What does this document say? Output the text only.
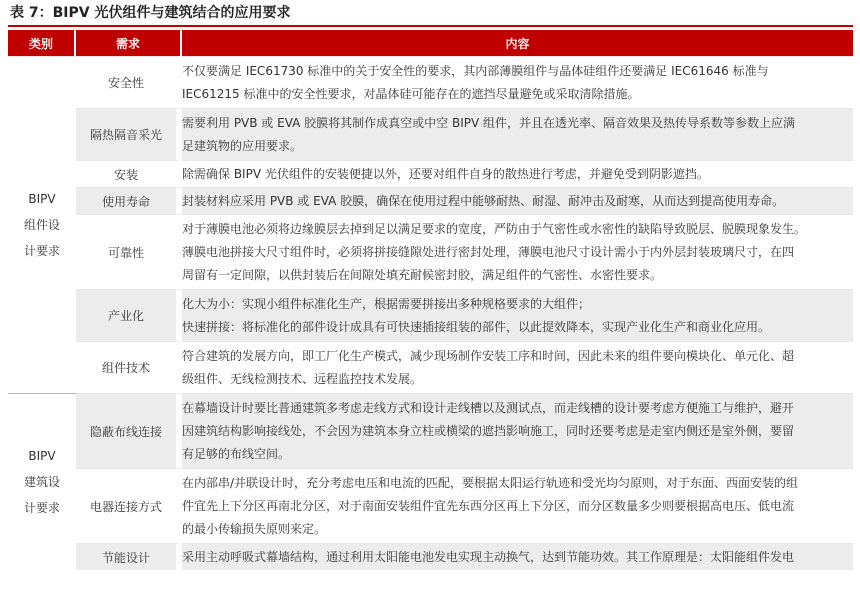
表 7：BIPV 光伏组件与建筑结合的应用要求
类别	需求	内容

BIPV
组件设
计要求	安全性	不仅要满足 IEC61730 标准中的关于安全性的要求，其内部薄膜组件与晶体硅组件还要满足 IEC61646 标准与
IEC61215 标准中的安全性要求，对晶体硅可能存在的遮挡尽量避免或采取清除措施。

	隔热隔音采光	需要利用 PVB 或 EVA 胶膜将其制作成真空或中空 BIPV 组件，并且在透光率、隔音效果及热传导系数等参数上应满
足建筑物的应用要求。

	安装	除需确保 BIPV 光伏组件的安装便捷以外，还要对组件自身的散热进行考虑，并避免受到阴影遮挡。

	使用寿命	封装材料应采用 PVB 或 EVA 胶膜，确保在使用过程中能够耐热、耐湿、耐冲击及耐寒，从而达到提高使用寿命。

	可靠性	对于薄膜电池必须将边缘膜层去掉到足以满足要求的宽度，严防由于气密性或水密性的缺陷导致脱层、脱膜现象发生。
薄膜电池拼接大尺寸组件时，必须将拼接缝隙处进行密封处理，薄膜电池尺寸设计需小于内外层封装玻璃尺寸，在四
周留有一定间隙，以供封装后在间隙处填充耐候密封胶，满足组件的气密性、水密性要求。

	产业化	化大为小：实现小组件标准化生产，根据需要拼接出多种规格要求的大组件；
快速拼接：将标准化的部件设计成具有可快速插接组装的部件，以此提效降本，实现产业化生产和商业化应用。

	组件技术	符合建筑的发展方向，即工厂化生产模式，减少现场制作安装工序和时间，因此未来的组件要向模块化、单元化、超
级组件、无线检测技术、远程监控技术发展。

BIPV
建筑设
计要求	隐蔽布线连接	在幕墙设计时要比普通建筑多考虑走线方式和设计走线槽以及测试点，而走线槽的设计要考虑方便施工与维护，避开
因建筑结构影响接线处，不会因为建筑本身立柱或横梁的遮挡影响施工，同时还要考虑是走室内侧还是室外侧，要留
有足够的布线空间。

	电器连接方式	在内部串/并联设计时，充分考虑电压和电流的匹配，要根据太阳运行轨迹和受光均匀原则，对于东面、西面安装的组
件宜先上下分区再南北分区，对于南面安装组件宜先东西分区再上下分区，而分区数量多少则要根据高电压、低电流
的最小传输损失原则来定。

	节能设计	采用主动呼吸式幕墙结构，通过利用太阳能电池发电实现主动换气，达到节能功效。其工作原理是：太阳能组件发电
